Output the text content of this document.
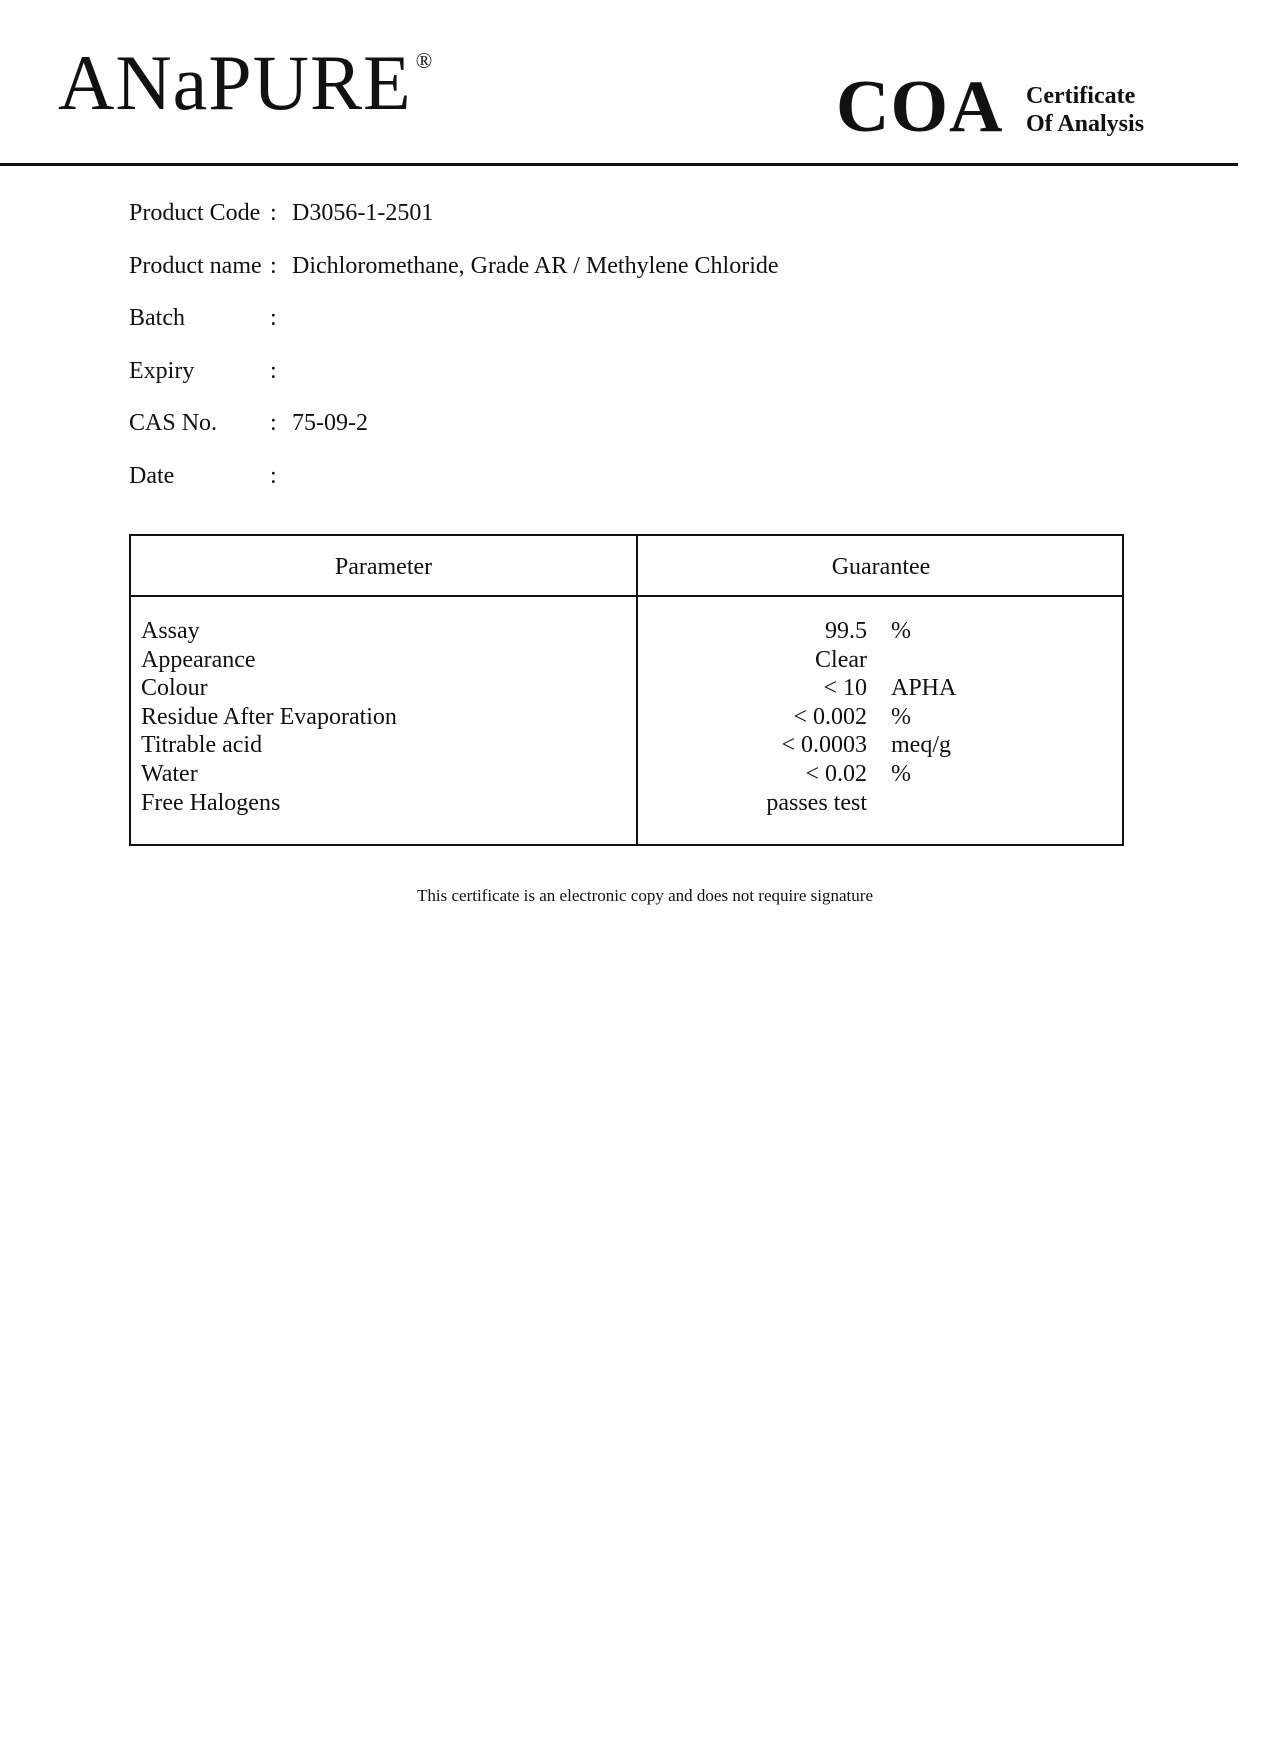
ANaPURE ®
COA Certificate
Of Analysis
Product Code : D3056-1-2501
Product name : Dichloromethane, Grade AR / Methylene Chloride
Batch	:
Expiry	:
CAS No. : 75-09-2
Date	:
Parameter	Guarantee
Assay	99.5 %
Appearance	Clear
Colour	< 10 APHA
Residue After Evaporation	< 0.002 %
Titrable acid	< 0.0003 meq/g
Water	< 0.02 %
Free Halogens	passes test
This certificate is an electronic copy and does not require signature
